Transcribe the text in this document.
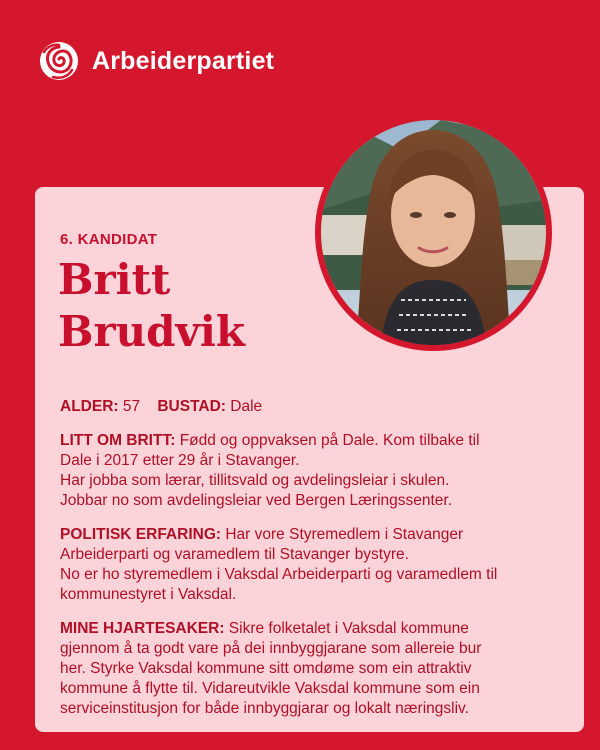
Arbeiderpartiet
6. KANDIDAT
Britt
Brudvik

ALDER: 57 BUSTAD: Dale

LITT OM BRITT: Fødd og oppvaksen på Dale. Kom tilbake til
Dale i 2017 etter 29 år i Stavanger.
Har jobba som lærar, tillitsvald og avdelingsleiar i skulen.
Jobbar no som avdelingsleiar ved Bergen Læringssenter.

POLITISK ERFARING: Har vore Styremedlem i Stavanger
Arbeiderparti og varamedlem til Stavanger bystyre.
No er ho styremedlem i Vaksdal Arbeiderparti og varamedlem til
kommunestyret i Vaksdal.

MINE HJARTESAKER: Sikre folketalet i Vaksdal kommune
gjennom å ta godt vare på dei innbyggjarane som allereie bur
her. Styrke Vaksdal kommune sitt omdøme som ein attraktiv
kommune å flytte til. Vidareutvikle Vaksdal kommune som ein
serviceinstitusjon for både innbyggjarar og lokalt næringsliv.
